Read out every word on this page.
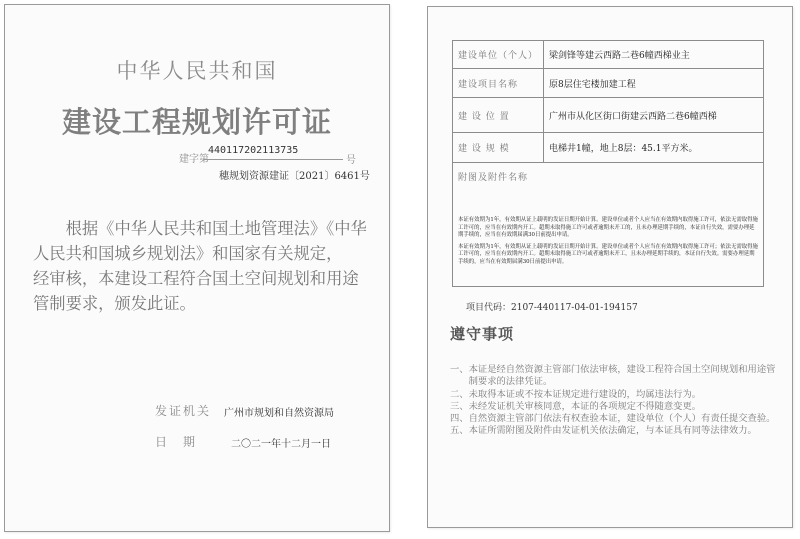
中华人民共和国
建设工程规划许可证
建字第
440117202113735
号
穗规划资源建证〔2021〕6461号
根据《中华人民共和国土地管理法》《中华人民共和国城乡规划法》和国家有关规定，
经审核，本建设工程符合国土空间规划和用途管制要求，颁发此证。
发证机关 广州市规划和自然资源局
日期 二〇二一年十二月一日
建设单位（个人）	梁剑锋等建云西路二巷6幢西梯业主
建设项目名称	原8层住宅楼加建工程
建 设 位 置	广州市从化区街口街建云西路二巷6幢西梯
建 设 规 模	电梯井1幢，地上8层：45.1平方米。

附图及附件名称
本证有效期为1年，有效期从证上载明的发证日期开始计算。建设单位或者个人应当在有效期内取得施工许可，依法无需取得施工许可的，应当在有效期内开工。超期未取得施工许可或者逾期未开工的，且未办理延期手续的，本证自行失效，需要办理延期手续的，应当在有效期届满30日前提出申请。
本证有效期为1年，有效期从证上载明的发证日期开始计算。建设单位或者个人应当在有效期内取得施工许可；依法无需取得施工许可的，应当在有效期内开工。超期未取得施工许可或者逾期未开工，且未办理延期手续的，本证自行失效。需要办理延期手续的，应当在有效期届满30日前提出申请。	
项目代码：2107-440117-04-01-194157
遵守事项
一、 本证是经自然资源主管部门依法审核，建设工程符合国土空间规划和用途管制要求的法律凭证。
二、 未取得本证或不按本证规定进行建设的，均属违法行为。
三、 未经发证机关审核同意，本证的各项规定不得随意变更。
四、 自然资源主管部门依法有权查验本证，建设单位（个人）有责任提交查验。
五、 本证所需附图及附件由发证机关依法确定，与本证具有同等法律效力。
